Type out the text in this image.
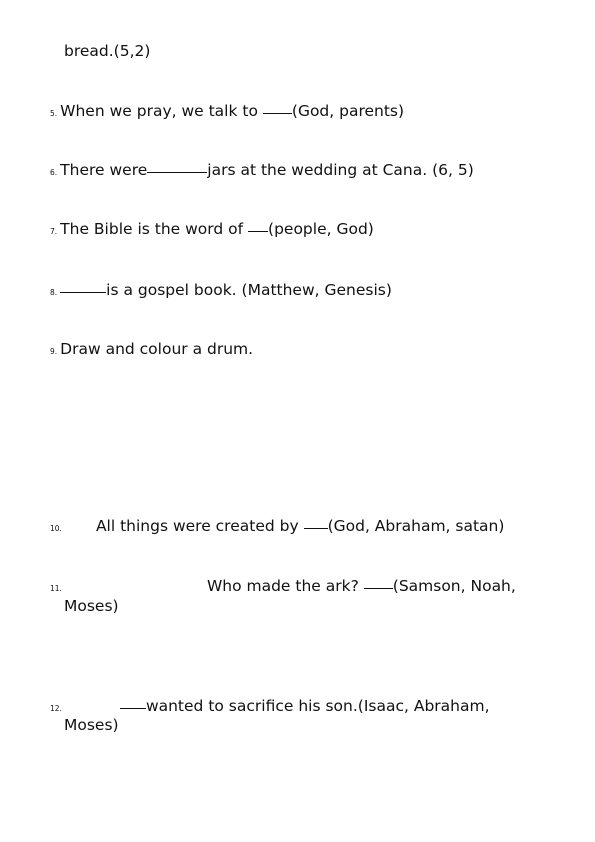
bread.(5,2)
5. When we pray, we talk to (God, parents)
6. There were	jars at the wedding at Cana. (6, 5)
7. The Bible is the word of (people, God)
8.	is a gospel book. (Matthew, Genesis)
9. Draw and colour a drum.
10. All things were created by (God, Abraham, satan)
11.	Who made the ark? (Samson, Noah,
Moses)
12.	wanted to sacrifice his son.(Isaac, Abraham,
Moses)
